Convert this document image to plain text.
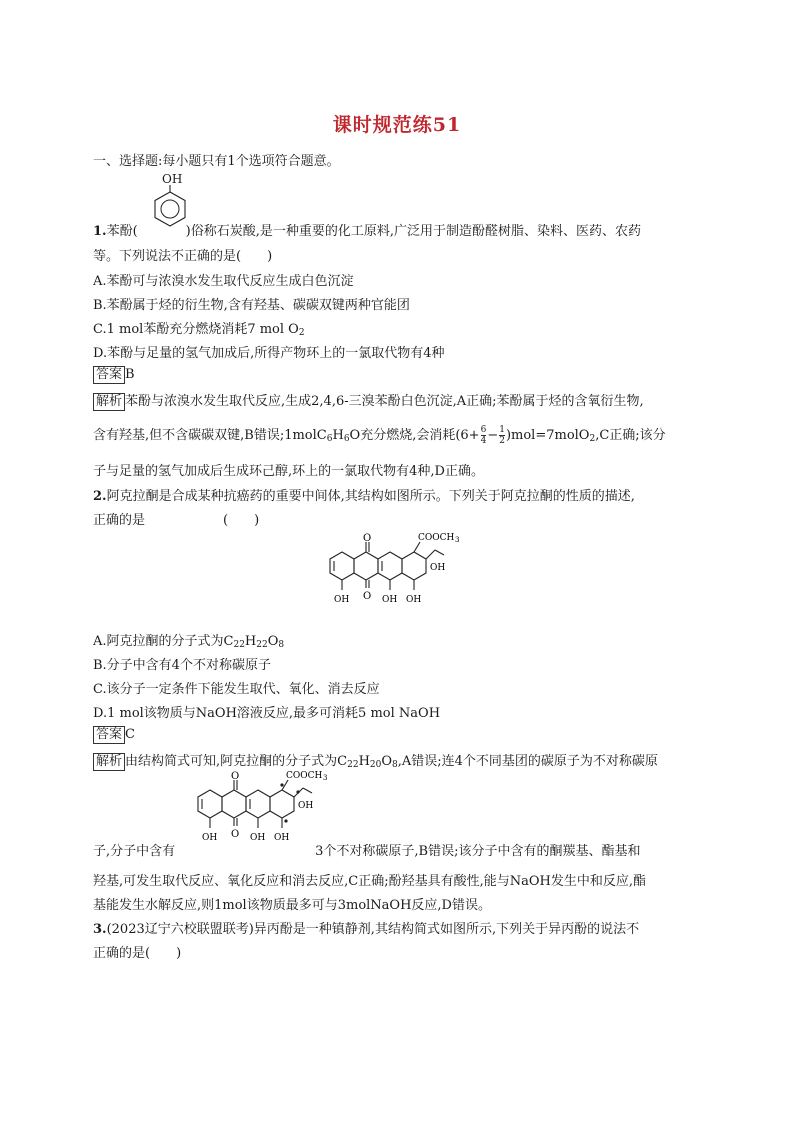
课时规范练51
一、选择题:每小题只有1个选项符合题意。
OH
1.苯酚(	)俗称石炭酸,是一种重要的化工原料,广泛用于制造酚醛树脂、染料、医药、农药
等。下列说法不正确的是(　　)
A.苯酚可与浓溴水发生取代反应生成白色沉淀
B.苯酚属于烃的衍生物,含有羟基、碳碳双键两种官能团
C.1 mol苯酚充分燃烧消耗7 mol $O_2$
D.苯酚与足量的氢气加成后,所得产物环上的一氯取代物有4种
答案 B
解析 苯酚与浓溴水发生取代反应,生成2,4,6-三溴苯酚白色沉淀,A正确;苯酚属于烃的含氧衍生物,
含有羟基,但不含碳碳双键,B错误$;1molC_6H_6O$充分燃烧,会消耗($6+ \frac{6}{4} - \frac{1}{2}$ )mol=7molO$_2$,C正确;该分
子与足量的氢气加成后生成环己醇,环上的一氯取代物有4种,D正确。
2.阿克拉酮是合成某种抗癌药的重要中间体,其结构如图所示。下列关于阿克拉酮的性质的描述,
正确的是　　　　　　(　　)
O	COOCH 3
OH
OH O OH OH
A.阿克拉酮的分子式为$C_{22}H_{22}O_8$
B.分子中含有4个不对称碳原子
C.该分子一定条件下能发生取代、氧化、消去反应
D.1 mol该物质与NaOH溶液反应,最多可消耗5 mol NaOH
答案 C
解析 由结构简式可知,阿克拉酮的分子式为$C_{22}H_{20}O_8,A$错误;连4个不同基团的碳原子为不对称碳原
O	COOCH 3
OH
OH O OH OH
子,分子中含有	3个不对称碳原子,B错误;该分子中含有的酮羰基、酯基和
羟基,可发生取代反应、氧化反应和消去反应,C正确;酚羟基具有酸性,能与NaOH发生中和反应,酯
基能发生水解反应,则1mol该物质最多可与3molNaOH反应,D错误。
3.(2023辽宁六校联盟联考)异丙酚是一种镇静剂,其结构简式如图所示,下列关于异丙酚的说法不
正确的是(　　)
